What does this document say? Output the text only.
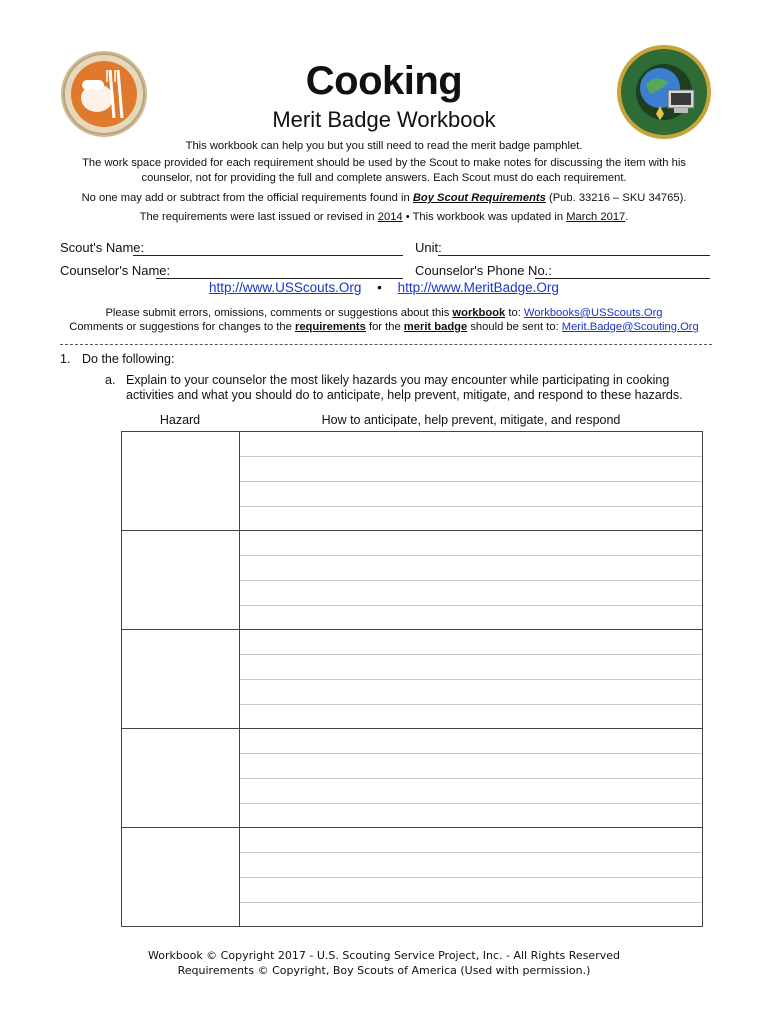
Cooking
Merit Badge Workbook
This workbook can help you but you still need to read the merit badge pamphlet.
The work space provided for each requirement should be used by the Scout to make notes for discussing the item with his counselor, not for providing the full and complete answers. Each Scout must do each requirement.
No one may add or subtract from the official requirements found in Boy Scout Requirements (Pub. 33216 – SKU 34765).
The requirements were last issued or revised in 2014 • This workbook was updated in March 2017.
Scout's Name:	Unit:
Counselor's Name:	Counselor's Phone No.:
http://www.USScouts.Org • http://www.MeritBadge.Org
Please submit errors, omissions, comments or suggestions about this workbook to: Workbooks@USScouts.Org
Comments or suggestions for changes to the requirements for the merit badge should be sent to: Merit.Badge@Scouting.Org
1. Do the following:
a. Explain to your counselor the most likely hazards you may encounter while participating in cooking activities and what you should do to anticipate, help prevent, mitigate, and respond to these hazards.
Hazard	How to anticipate, help prevent, mitigate, and respond
Workbook © Copyright 2017 - U.S. Scouting Service Project, Inc. - All Rights Reserved
Requirements © Copyright, Boy Scouts of America (Used with permission.)
